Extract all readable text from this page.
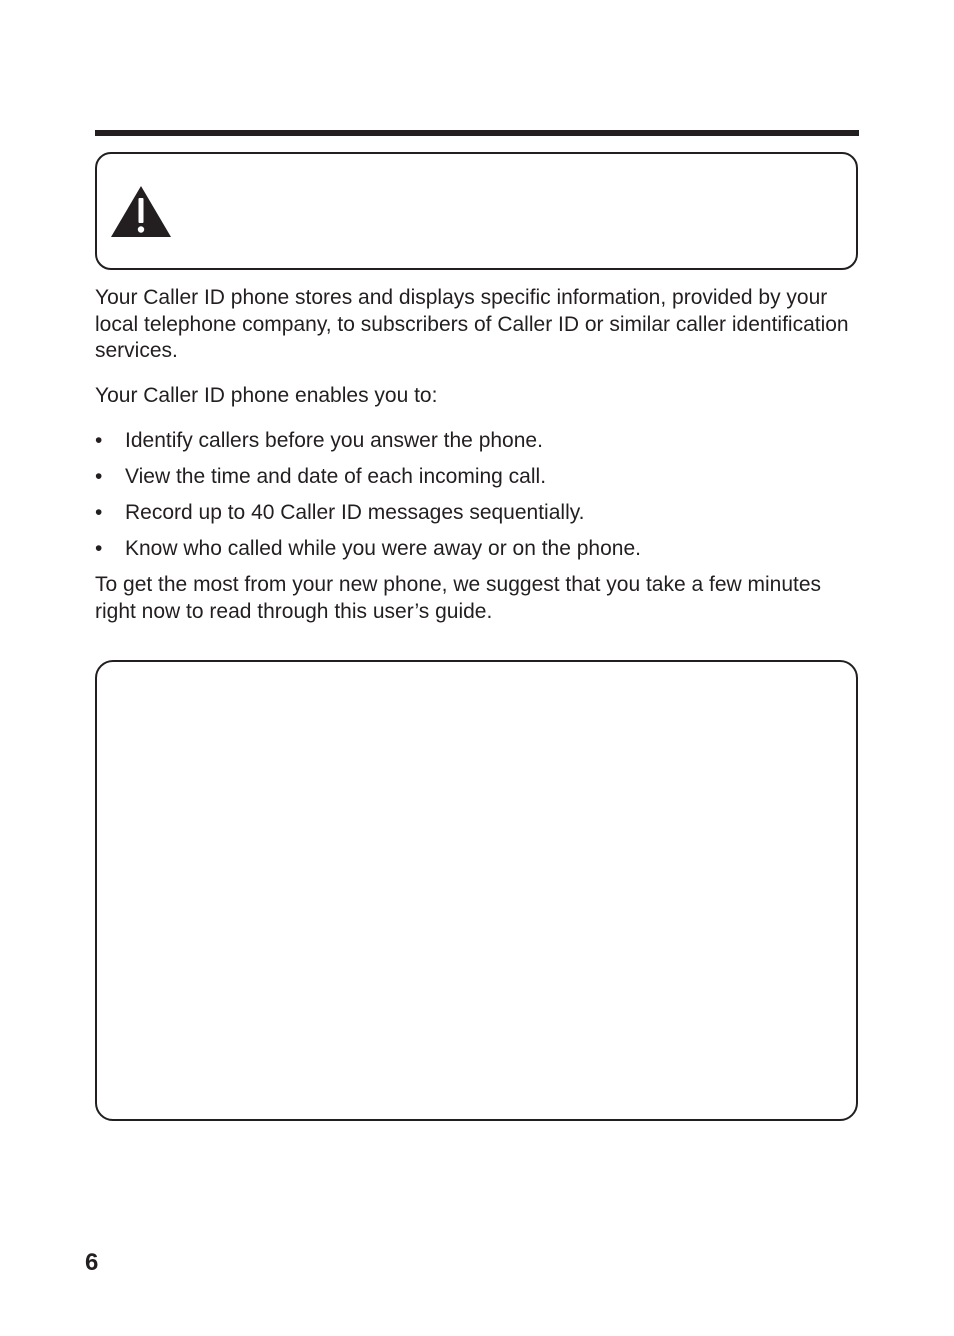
Your Caller ID phone stores and displays specific information, provided by your local telephone company, to subscribers of Caller ID or similar caller identification services.

Your Caller ID phone enables you to:

•	Identify callers before you answer the phone.
•	View the time and date of each incoming call.
•	Record up to 40 Caller ID messages sequentially.
•	Know who called while you were away or on the phone.

To get the most from your new phone, we suggest that you take a few minutes right now to read through this user’s guide.

6
